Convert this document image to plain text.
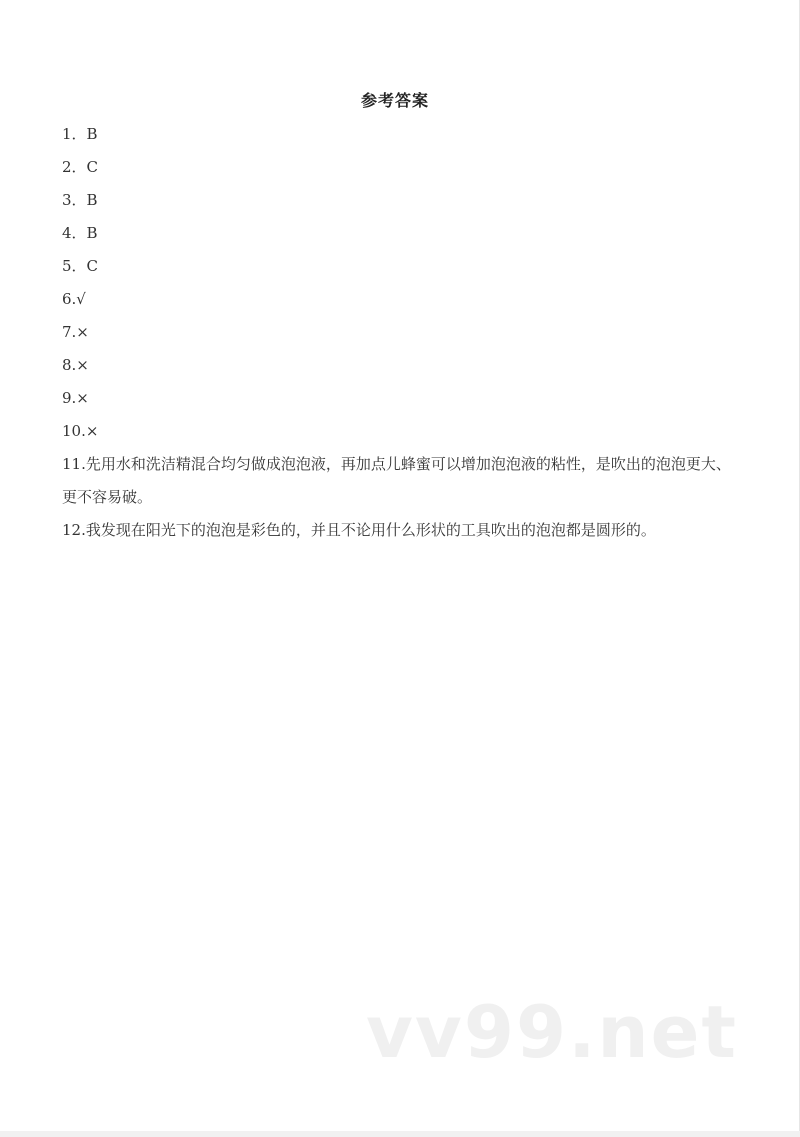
参考答案
1．B
2．C
3．B
4．B
5．C
6.√
7.×
8.×
9.×
10.×
11.先用水和洗洁精混合均匀做成泡泡液，再加点儿蜂蜜可以增加泡泡液的粘性，是吹出的泡泡更大、更不容易破。
12.我发现在阳光下的泡泡是彩色的，并且不论用什么形状的工具吹出的泡泡都是圆形的。
vv99.net
